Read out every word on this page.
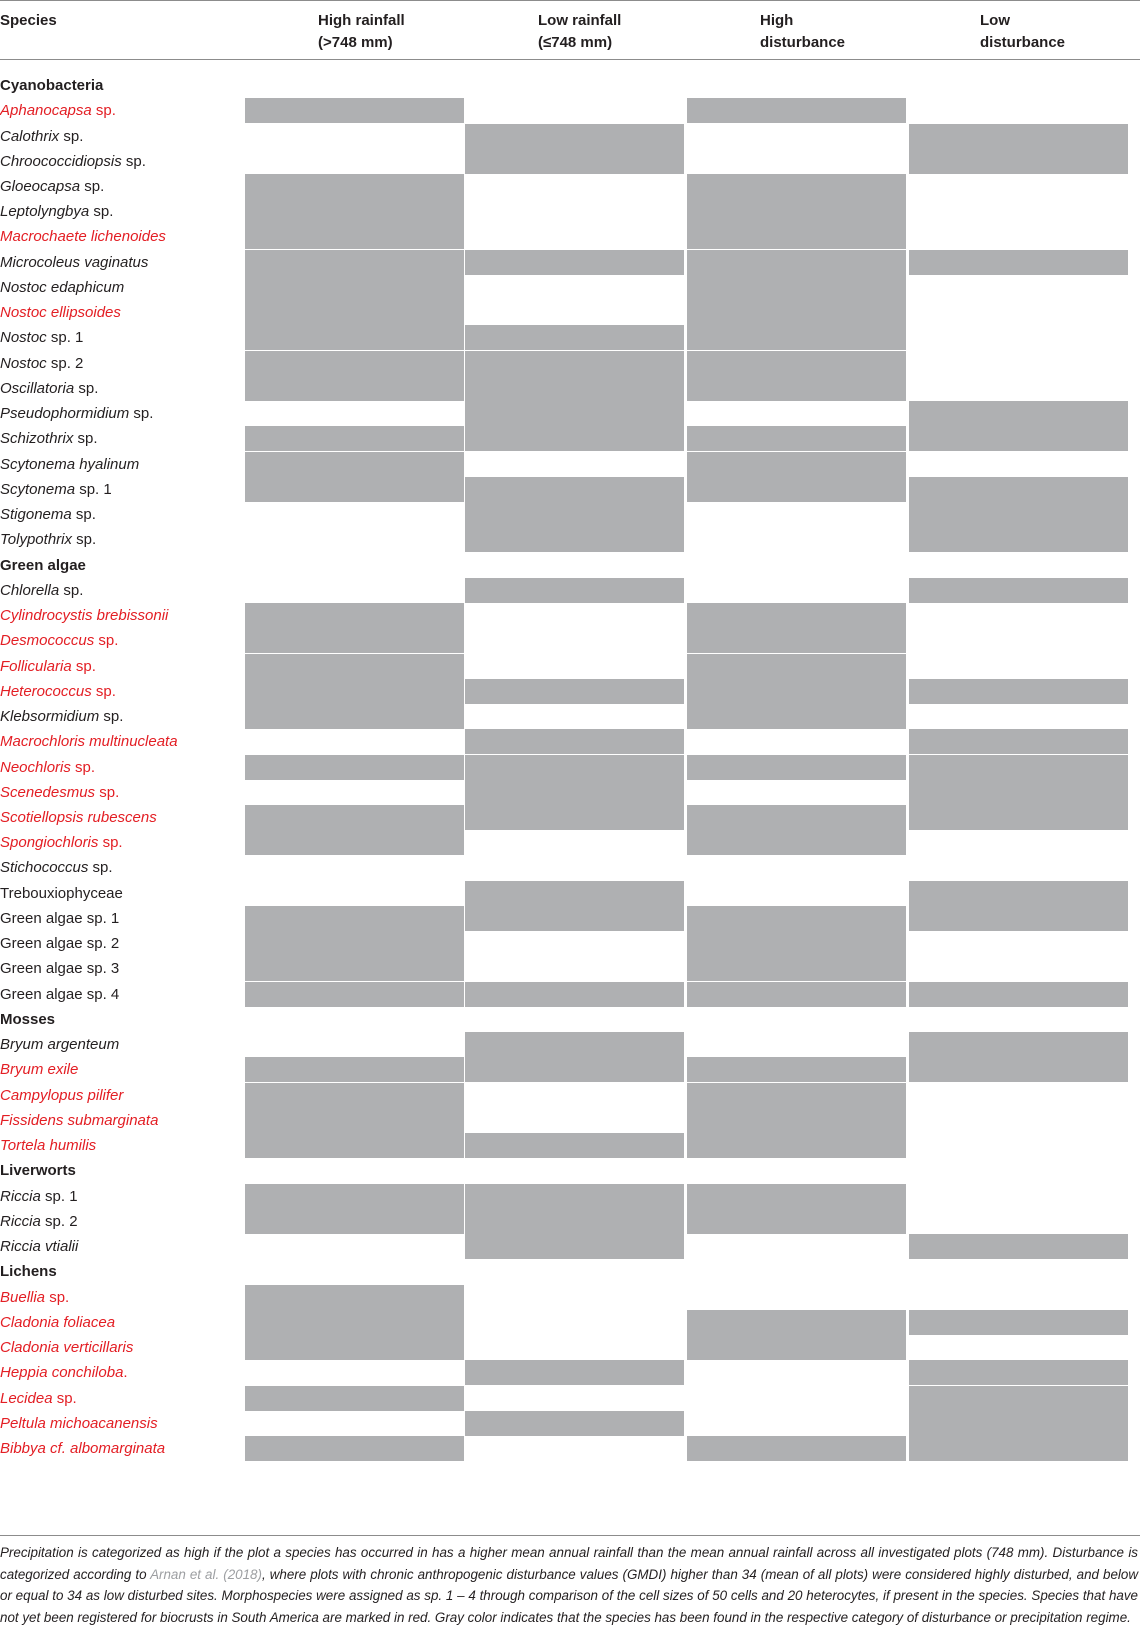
Species	High rainfall
(>748 mm)
Low rainfall
(≤748 mm)
High
disturbance
Low
disturbance
Cyanobacteria
Aphanocapsa sp.
Calothrix sp.
Chroococcidiopsis sp.
Gloeocapsa sp.
Leptolyngbya sp.
Macrochaete lichenoides
Microcoleus vaginatus
Nostoc edaphicum
Nostoc ellipsoides
Nostoc sp. 1
Nostoc sp. 2
Oscillatoria sp.
Pseudophormidium sp.
Schizothrix sp.
Scytonema hyalinum
Scytonema sp. 1
Stigonema sp.
Tolypothrix sp.
Green algae
Chlorella sp.
Cylindrocystis brebissonii
Desmococcus sp.
Follicularia sp.
Heterococcus sp.
Klebsormidium sp.
Macrochloris multinucleata
Neochloris sp.
Scenedesmus sp.
Scotiellopsis rubescens
Spongiochloris sp.
Stichococcus sp.
Trebouxiophyceae
Green algae sp. 1
Green algae sp. 2
Green algae sp. 3
Green algae sp. 4
Mosses
Bryum argenteum
Bryum exile
Campylopus pilifer
Fissidens submarginata
Tortela humilis
Liverworts
Riccia sp. 1
Riccia sp. 2
Riccia vtialii
Lichens
Buellia sp.
Cladonia foliacea
Cladonia verticillaris
Heppia conchiloba.
Lecidea sp.
Peltula michoacanensis
Bibbya cf. albomarginata
Precipitation is categorized as high if the plot a species has occurred in has a higher mean annual rainfall than the mean annual rainfall across all investigated plots (748 mm). Disturbance is categorized according to Arnan et al. (2018), where plots with chronic anthropogenic disturbance values (GMDI) higher than 34 (mean of all plots) were considered highly disturbed, and below or equal to 34 as low disturbed sites. Morphospecies were assigned as sp. 1 – 4 through comparison of the cell sizes of 50 cells and 20 heterocytes, if present in the species. Species that have not yet been registered for biocrusts in South America are marked in red. Gray color indicates that the species has been found in the respective category of disturbance or precipitation regime.
